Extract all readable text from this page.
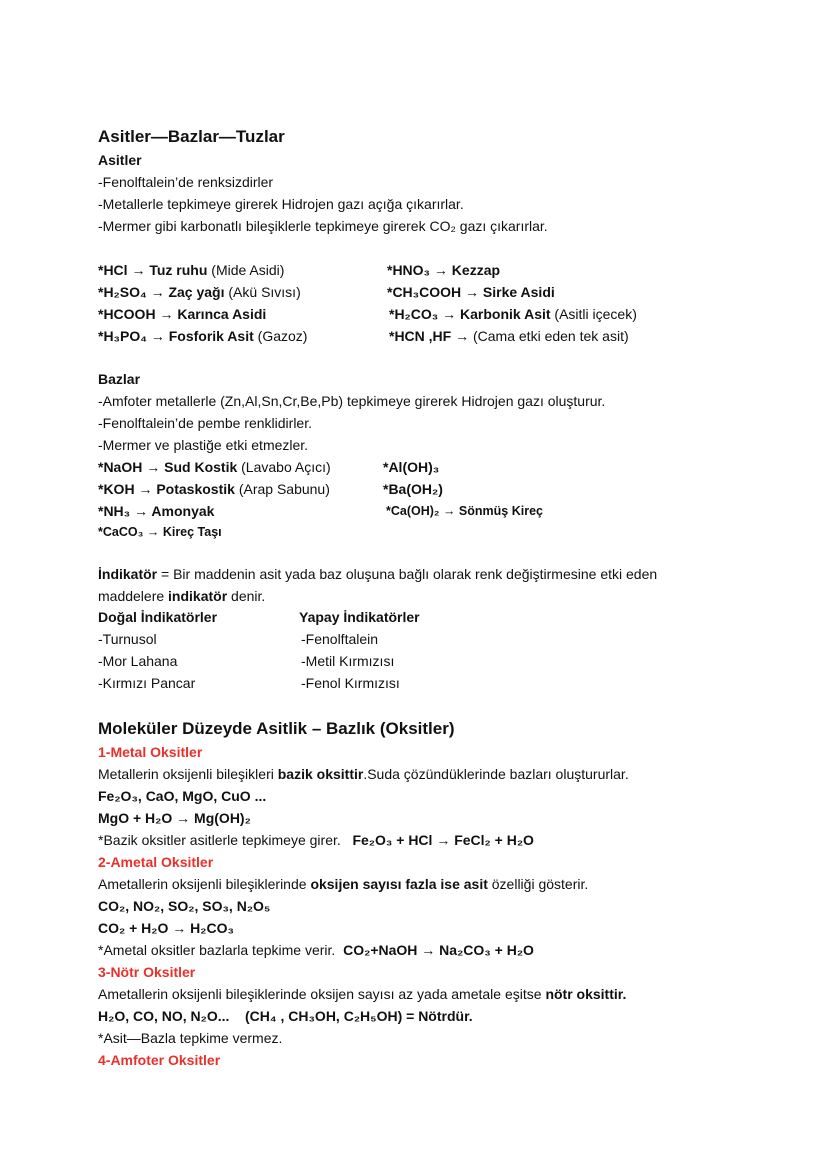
Asitler—Bazlar—Tuzlar
Asitler
-Fenolftalein’de renksizdirler
-Metallerle tepkimeye girerek Hidrojen gazı açığa çıkarırlar.
-Mermer gibi karbonatlı bileşiklerle tepkimeye girerek CO₂ gazı çıkarırlar.
*HCl → Tuz ruhu (Mide Asidi)
*H₂SO₄ → Zaç yağı (Akü Sıvısı)
*HCOOH → Karınca Asidi
*H₃PO₄ → Fosforik Asit (Gazoz)
*HNO₃ → Kezzap
*CH₃COOH → Sirke Asidi
*H₂CO₃ → Karbonik Asit (Asitli içecek)
*HCN ,HF → (Cama etki eden tek asit)
Bazlar
-Amfoter metallerle (Zn,Al,Sn,Cr,Be,Pb) tepkimeye girerek Hidrojen gazı oluşturur.
-Fenolftalein’de pembe renklidirler.
-Mermer ve plastiğe etki etmezler.
*NaOH → Sud Kostik (Lavabo Açıcı)
*KOH → Potaskostik (Arap Sabunu)
*NH₃ → Amonyak
*CaCO₃ → Kireç Taşı
*Al(OH)₃
*Ba(OH₂)
*Ca(OH)₂ → Sönmüş Kireç
İndikatör = Bir maddenin asit yada baz oluşuna bağlı olarak renk değiştirmesine etki eden
maddelere indikatör denir.
Doğal İndikatörler	Yapay İndikatörler
-Turnusol
-Mor Lahana
-Kırmızı Pancar
-Fenolftalein
-Metil Kırmızısı
-Fenol Kırmızısı
Moleküler Düzeyde Asitlik – Bazlık (Oksitler)
1-Metal Oksitler
Metallerin oksijenli bileşikleri bazik oksittir.Suda çözündüklerinde bazları oluştururlar.
Fe₂O₃, CaO, MgO, CuO ...
MgO + H₂O → Mg(OH)₂
*Bazik oksitler asitlerle tepkimeye girer. Fe₂O₃ + HCl → FeCl₂ + H₂O
2-Ametal Oksitler
Ametallerin oksijenli bileşiklerinde oksijen sayısı fazla ise asit özelliği gösterir.
CO₂, NO₂, SO₂, SO₃, N₂O₅
CO₂ + H₂O → H₂CO₃
*Ametal oksitler bazlarla tepkime verir. CO₂+NaOH → Na₂CO₃ + H₂O
3-Nötr Oksitler
Ametallerin oksijenli bileşiklerinde oksijen sayısı az yada ametale eşitse nötr oksittir.
H₂O, CO, NO, N₂O... (CH₄ , CH₃OH, C₂H₅OH) = Nötrdür.
*Asit—Bazla tepkime vermez.
4-Amfoter Oksitler
